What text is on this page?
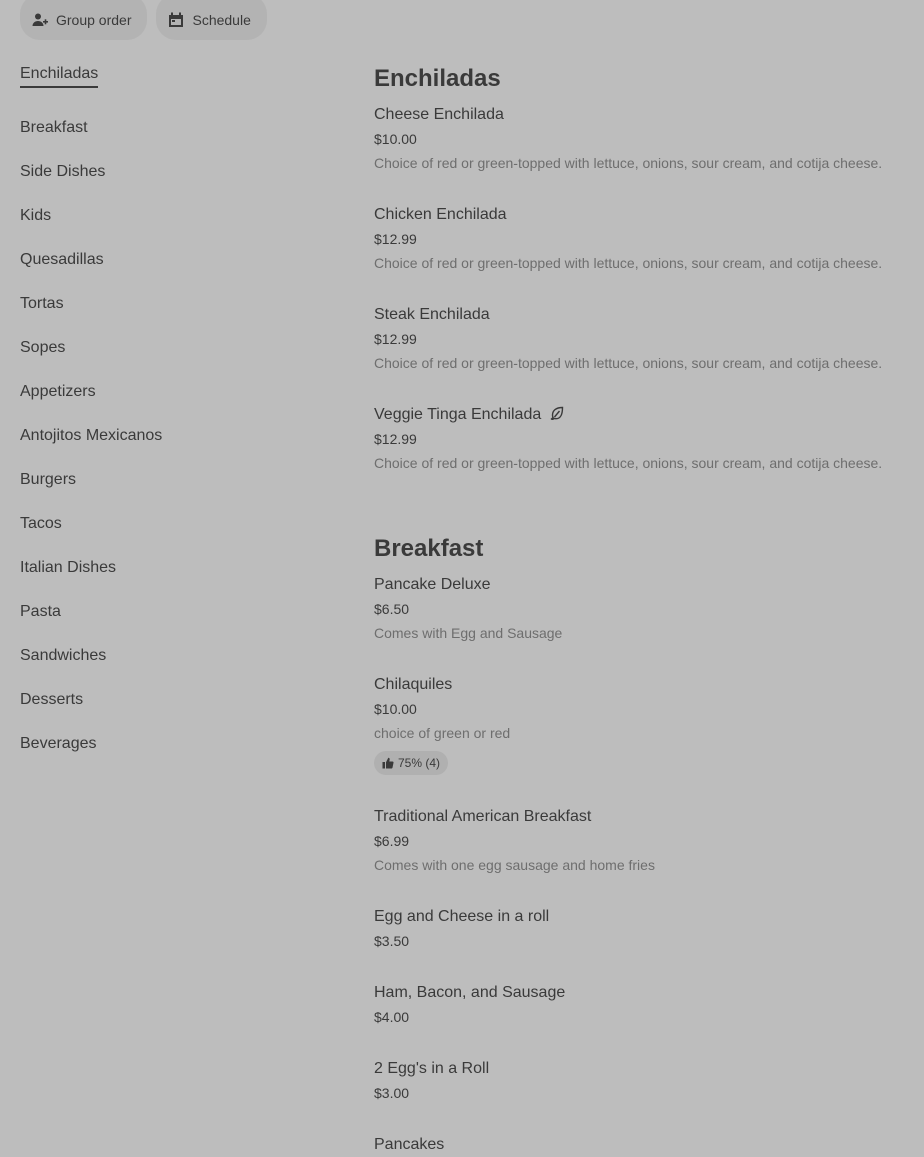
Group order	Schedule
Enchiladas
Breakfast
Side Dishes
Kids
Quesadillas
Tortas
Sopes
Appetizers
Antojitos Mexicanos
Burgers
Tacos
Italian Dishes
Pasta
Sandwiches
Desserts
Beverages
Enchiladas
Cheese Enchilada
$10.00
Choice of red or green-topped with lettuce, onions, sour cream, and cotija cheese.
Chicken Enchilada
$12.99
Choice of red or green-topped with lettuce, onions, sour cream, and cotija cheese.
Steak Enchilada
$12.99
Choice of red or green-topped with lettuce, onions, sour cream, and cotija cheese.
Veggie Tinga Enchilada
$12.99
Choice of red or green-topped with lettuce, onions, sour cream, and cotija cheese.
Breakfast
Pancake Deluxe
$6.50
Comes with Egg and Sausage
Chilaquiles
$10.00
choice of green or red
75% (4)
Traditional American Breakfast
$6.99
Comes with one egg sausage and home fries
Egg and Cheese in a roll
$3.50
Ham, Bacon, and Sausage
$4.00
2 Egg's in a Roll
$3.00
Pancakes
